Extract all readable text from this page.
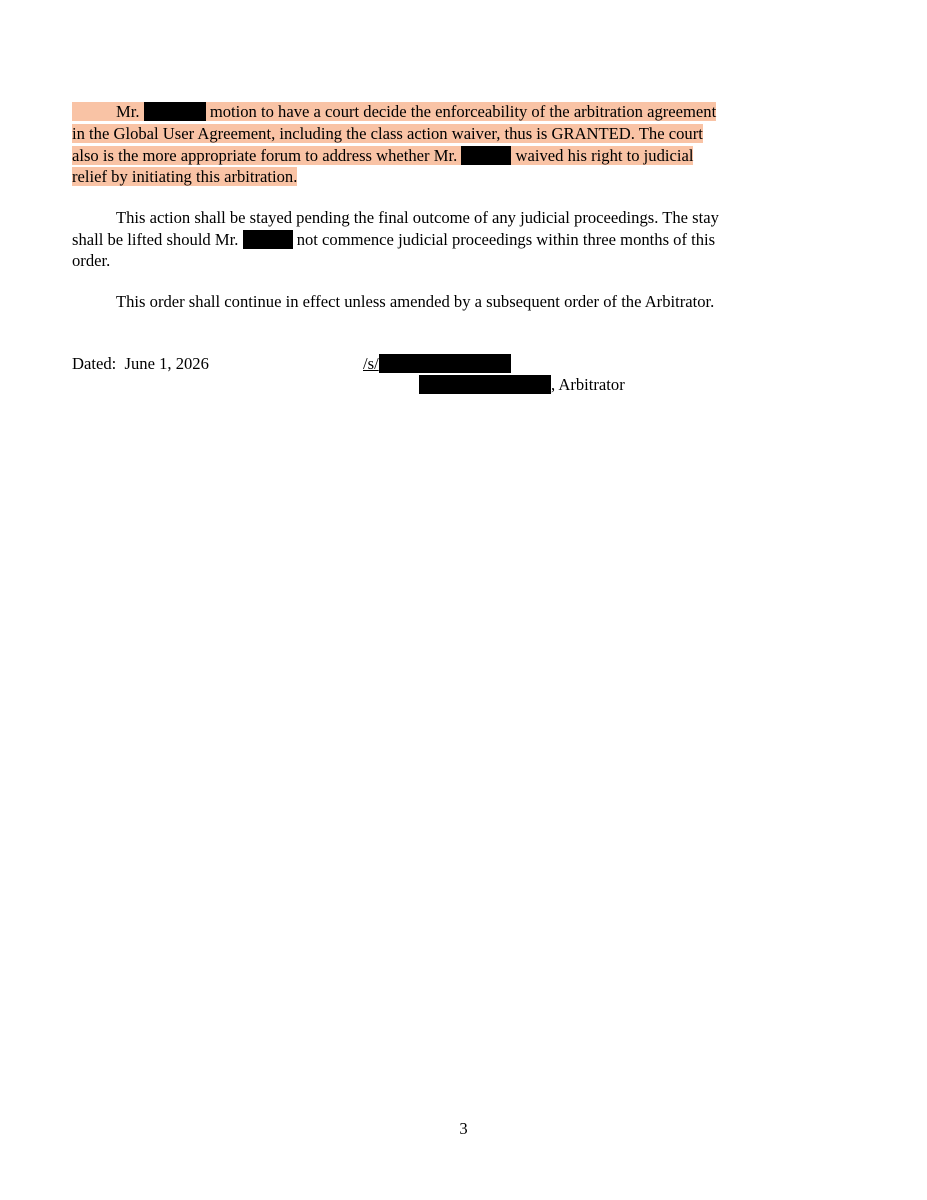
Mr.	motion to have a court decide the enforceability of the arbitration agreement
in the Global User Agreement, including the class action waiver, thus is GRANTED. The court
also is the more appropriate forum to address whether Mr.	waived his right to judicial
relief by initiating this arbitration.
This action shall be stayed pending the final outcome of any judicial proceedings. The stay
shall be lifted should Mr.	not commence judicial proceedings within three months of this
order.
This order shall continue in effect unless amended by a subsequent order of the Arbitrator.
Dated: June 1, 2026	/s/
, Arbitrator
3
